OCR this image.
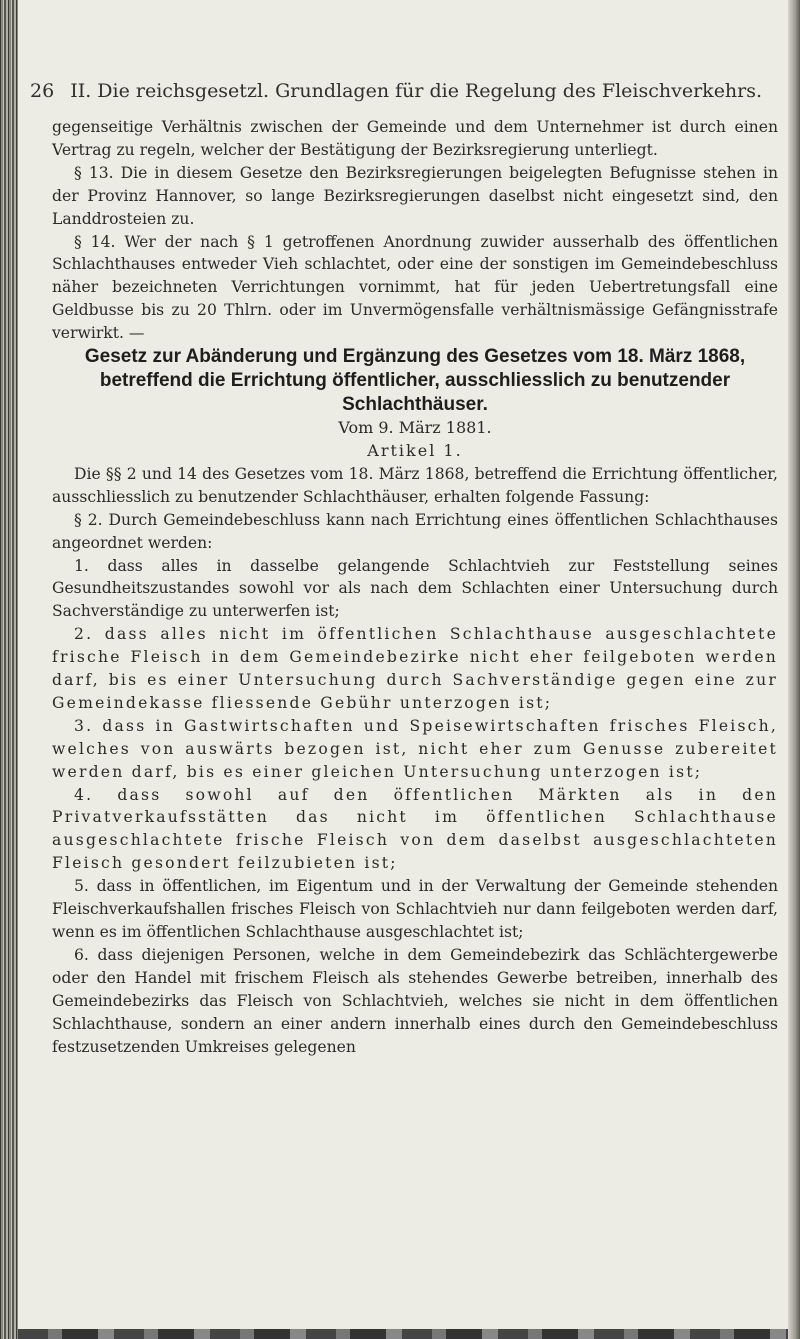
26 II. Die reichsgesetzl. Grundlagen für die Regelung des Fleischverkehrs.

gegenseitige Verhältnis zwischen der Gemeinde und dem Unternehmer ist durch einen Vertrag zu regeln, welcher der Bestätigung der Bezirksregierung unterliegt.

§ 13. Die in diesem Gesetze den Bezirksregierungen beigelegten Befugnisse stehen in der Provinz Hannover, so lange Bezirksregierungen daselbst nicht eingesetzt sind, den Landdrosteien zu.

§ 14. Wer der nach § 1 getroffenen Anordnung zuwider ausserhalb des öffentlichen Schlachthauses entweder Vieh schlachtet, oder eine der sonstigen im Gemeindebeschluss näher bezeichneten Verrichtungen vornimmt, hat für jeden Uebertretungsfall eine Geldbusse bis zu 20 Thlrn. oder im Unvermögensfalle verhältnismässige Gefängnisstrafe verwirkt. —

Gesetz zur Abänderung und Ergänzung des Gesetzes vom 18. März 1868, betreffend die Errichtung öffentlicher, ausschliesslich zu benutzender

Schlachthäuser.

Vom 9. März 1881.

Artikel 1.

Die §§ 2 und 14 des Gesetzes vom 18. März 1868, betreffend die Errichtung öffentlicher, ausschliesslich zu benutzender Schlachthäuser, erhalten folgende Fassung:

§ 2. Durch Gemeindebeschluss kann nach Errichtung eines öffentlichen Schlachthauses angeordnet werden:

1. dass alles in dasselbe gelangende Schlachtvieh zur Feststellung seines Gesundheitszustandes sowohl vor als nach dem Schlachten einer Untersuchung durch Sachverständige zu unterwerfen ist;

2. dass alles nicht im öffentlichen Schlachthause ausgeschlachtete frische Fleisch in dem Gemeindebezirke nicht eher feilgeboten werden darf, bis es einer Untersuchung durch Sachverständige gegen eine zur Gemeindekasse fliessende Gebühr unterzogen ist;

3. dass in Gastwirtschaften und Speisewirtschaften frisches Fleisch, welches von auswärts bezogen ist, nicht eher zum Genusse zubereitet werden darf, bis es einer gleichen Untersuchung unterzogen ist;

4. dass sowohl auf den öffentlichen Märkten als in den Privatverkaufsstätten das nicht im öffentlichen Schlachthause ausgeschlachtete frische Fleisch von dem daselbst ausgeschlachteten Fleisch gesondert feilzubieten ist;

5. dass in öffentlichen, im Eigentum und in der Verwaltung der Gemeinde stehenden Fleischverkaufshallen frisches Fleisch von Schlachtvieh nur dann feilgeboten werden darf, wenn es im öffentlichen Schlachthause ausgeschlachtet ist;

6. dass diejenigen Personen, welche in dem Gemeindebezirk das Schlächtergewerbe oder den Handel mit frischem Fleisch als stehendes Gewerbe betreiben, innerhalb des Gemeindebezirks das Fleisch von Schlachtvieh, welches sie nicht in dem öffentlichen Schlachthause, sondern an einer andern innerhalb eines durch den Gemeindebeschluss festzusetzenden Umkreises gelegenen
